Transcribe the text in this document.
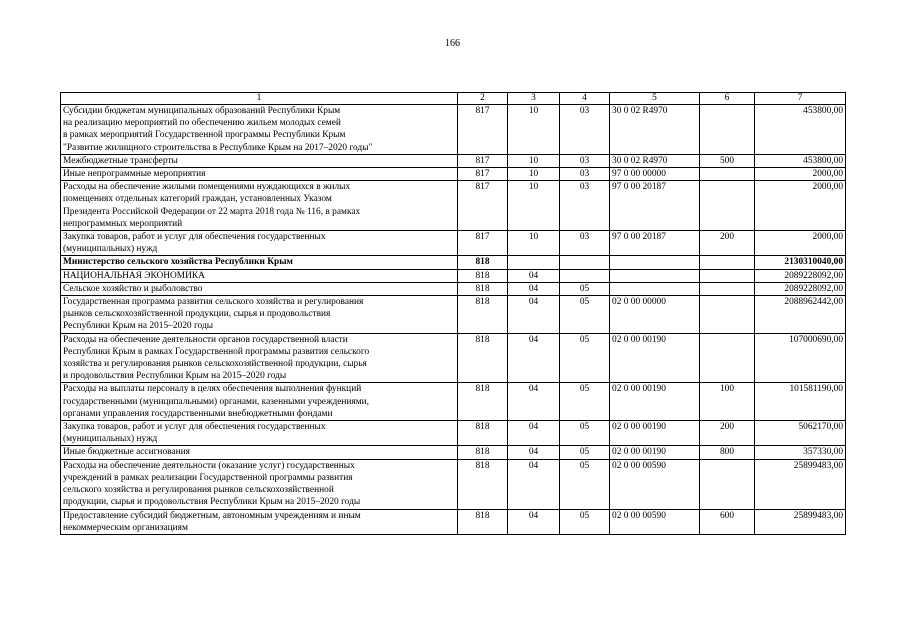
166
1	2	3	4	5	6	7
Субсидии бюджетам муниципальных образований Республики Крым
на реализацию мероприятий по обеспечению жильем молодых семей
в рамках мероприятий Государственной программы Республики Крым
"Развитие жилищного строительства в Республике Крым на 2017–2020 годы"	817	10	03	30 0 02 R4970		453800,00
Межбюджетные трансферты	817	10	03	30 0 02 R4970	500	453800,00
Иные непрограммные мероприятия	817	10	03	97 0 00 00000		2000,00
Расходы на обеспечение жилыми помещениями нуждающихся в жилых
помещениях отдельных категорий граждан, установленных Указом
Президента Российской Федерации от 22 марта 2018 года № 116, в рамках
непрограммных мероприятий	817	10	03	97 0 00 20187		2000,00
Закупка товаров, работ и услуг для обеспечения государственных
(муниципальных) нужд	817	10	03	97 0 00 20187	200	2000,00
Министерство сельского хозяйства Республики Крым	818					2130310040,00
НАЦИОНАЛЬНАЯ ЭКОНОМИКА	818	04				2089228092,00
Сельское хозяйство и рыболовство	818	04	05			2089228092,00
Государственная программа развития сельского хозяйства и регулирования
рынков сельскохозяйственной продукции, сырья и продовольствия
Республики Крым на 2015–2020 годы	818	04	05	02 0 00 00000		2088962442,00
Расходы на обеспечение деятельности органов государственной власти
Республики Крым в рамках Государственной программы развития сельского
хозяйства и регулирования рынков сельскохозяйственной продукции, сырья
и продовольствия Республики Крым на 2015–2020 годы	818	04	05	02 0 00 00190		107000690,00
Расходы на выплаты персоналу в целях обеспечения выполнения функций
государственными (муниципальными) органами, казенными учреждениями,
органами управления государственными внебюджетными фондами	818	04	05	02 0 00 00190	100	101581190,00
Закупка товаров, работ и услуг для обеспечения государственных
(муниципальных) нужд	818	04	05	02 0 00 00190	200	5062170,00
Иные бюджетные ассигнования	818	04	05	02 0 00 00190	800	357330,00
Расходы на обеспечение деятельности (оказание услуг) государственных
учреждений в рамках реализации Государственной программы развития
сельского хозяйства и регулирования рынков сельскохозяйственной
продукции, сырья и продовольствия Республики Крым на 2015–2020 годы	818	04	05	02 0 00 00590		25899483,00
Предоставление субсидий бюджетным, автономным учреждениям и иным
некоммерческим организациям	818	04	05	02 0 00 00590	600	25899483,00
